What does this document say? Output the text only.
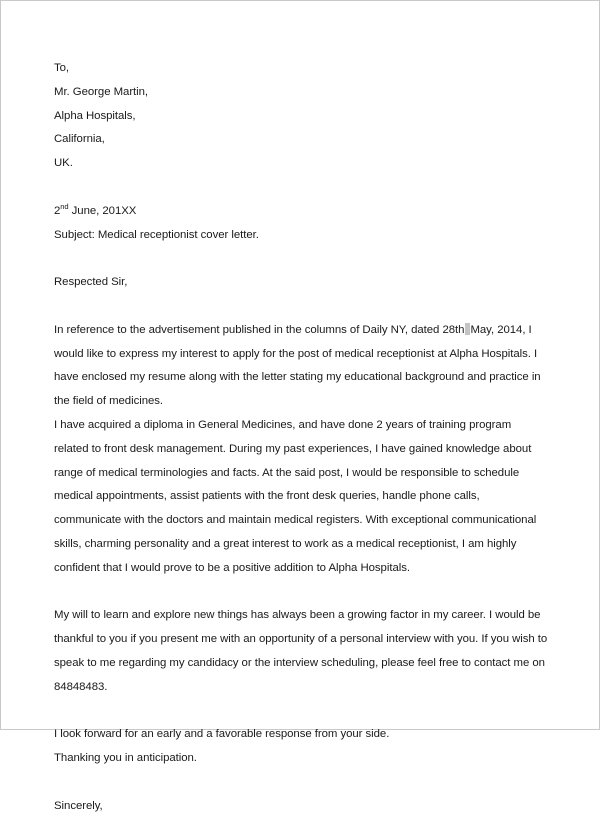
To,
Mr. George Martin,
Alpha Hospitals,
California,
UK.
2nd June, 201XX
Subject: Medical receptionist cover letter.
Respected Sir,

In reference to the advertisement published in the columns of Daily NY, dated 28th May, 2014, I would like to express my interest to apply for the post of medical receptionist at Alpha Hospitals. I have enclosed my resume along with the letter stating my educational background and practice in the field of medicines.

I have acquired a diploma in General Medicines, and have done 2 years of training program related to front desk management. During my past experiences, I have gained knowledge about range of medical terminologies and facts. At the said post, I would be responsible to schedule medical appointments, assist patients with the front desk queries, handle phone calls, communicate with the doctors and maintain medical registers. With exceptional communicational skills, charming personality and a great interest to work as a medical receptionist, I am highly confident that I would prove to be a positive addition to Alpha Hospitals.

My will to learn and explore new things has always been a growing factor in my career. I would be thankful to you if you present me with an opportunity of a personal interview with you. If you wish to speak to me regarding my candidacy or the interview scheduling, please feel free to contact me on 84848483.

I look forward for an early and a favorable response from your side.
Thanking you in anticipation.
Sincerely,
